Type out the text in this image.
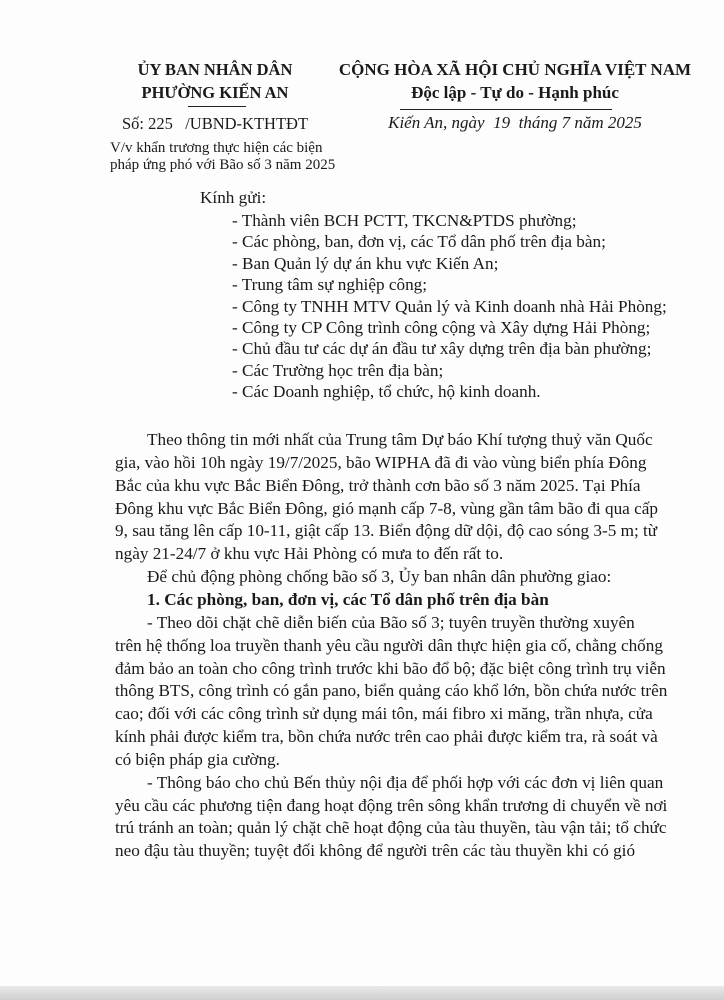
ỦY BAN NHÂN DÂN
PHƯỜNG KIẾN AN
CỘNG HÒA XÃ HỘI CHỦ NGHĨA VIỆT NAM
Độc lập - Tự do - Hạnh phúc
Số: 225   /UBND-KTHTĐT	Kiến An, ngày  19  tháng 7 năm 2025
V/v khẩn trương thực hiện các biện
pháp ứng phó với Bão số 3 năm 2025
Kính gửi:
- Thành viên BCH PCTT, TKCN&PTDS phường;
- Các phòng, ban, đơn vị, các Tổ dân phố trên địa bàn;
- Ban Quản lý dự án khu vực Kiến An;
- Trung tâm sự nghiệp công;
- Công ty TNHH MTV Quản lý và Kinh doanh nhà Hải Phòng;
- Công ty CP Công trình công cộng và Xây dựng Hải Phòng;
- Chủ đầu tư các dự án đầu tư xây dựng trên địa bàn phường;
- Các Trường học trên địa bàn;
- Các Doanh nghiệp, tổ chức, hộ kinh doanh.
Theo thông tin mới nhất của Trung tâm Dự báo Khí tượng thuỷ văn Quốc
gia, vào hồi 10h ngày 19/7/2025, bão WIPHA đã đi vào vùng biển phía Đông
Bắc của khu vực Bắc Biển Đông, trở thành cơn bão số 3 năm 2025. Tại Phía
Đông khu vực Bắc Biển Đông, gió mạnh cấp 7-8, vùng gần tâm bão đi qua cấp
9, sau tăng lên cấp 10-11, giật cấp 13. Biển động dữ dội, độ cao sóng 3-5 m; từ
ngày 21-24/7 ở khu vực Hải Phòng có mưa to đến rất to.
Để chủ động phòng chống bão số 3, Ủy ban nhân dân phường giao:
1. Các phòng, ban, đơn vị, các Tổ dân phố trên địa bàn
- Theo dõi chặt chẽ diễn biến của Bão số 3; tuyên truyền thường xuyên
trên hệ thống loa truyền thanh yêu cầu người dân thực hiện gia cố, chằng chống
đảm bảo an toàn cho công trình trước khi bão đổ bộ; đặc biệt công trình trụ viễn
thông BTS, công trình có gắn pano, biển quảng cáo khổ lớn, bồn chứa nước trên
cao; đối với các công trình sử dụng mái tôn, mái fibro xi măng, trần nhựa, cửa
kính phải được kiểm tra, bồn chứa nước trên cao phải được kiểm tra, rà soát và
có biện pháp gia cường.
- Thông báo cho chủ Bến thủy nội địa để phối hợp với các đơn vị liên quan
yêu cầu các phương tiện đang hoạt động trên sông khẩn trương di chuyển về nơi
trú tránh an toàn; quản lý chặt chẽ hoạt động của tàu thuyền, tàu vận tải; tổ chức
neo đậu tàu thuyền; tuyệt đối không để người trên các tàu thuyền khi có gió
